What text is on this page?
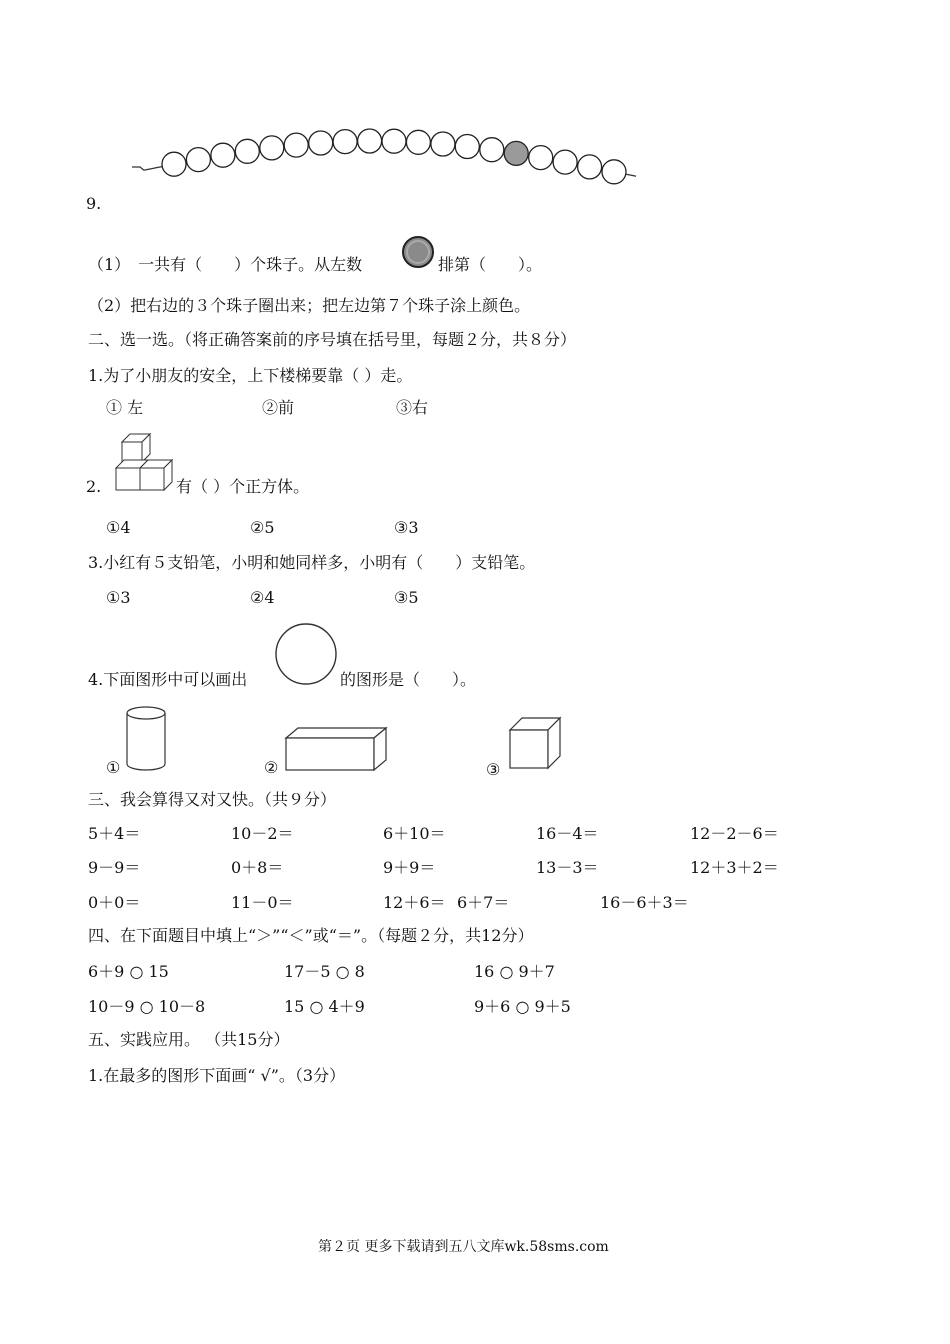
9.
（1）　一共有（　　）个珠子。从左数	排第（　　）。
（2）把右边的３个珠子圈出来；把左边第７个珠子涂上颜色。
二、选一选。（将正确答案前的序号填在括号里，每题２分，共８分）
1.为了小朋友的安全，上下楼梯要靠（ ）走。
① 左	②前	③右
2.	有（ ）个正方体。
①4	②5	③3
3.小红有５支铅笔，小明和她同样多，小明有（　　）支铅笔。
①3	②4	③5
4.下面图形中可以画出	的图形是（　　）。
①	②	③
三、我会算得又对又快。（共９分）
5＋4＝	10－2＝	6＋10＝	16－4＝	12－2－6＝
9－9＝	0＋8＝	9＋9＝	13－3＝	12＋3＋2＝
0＋0＝	11－0＝	12＋6＝ 6＋7＝	16－6＋3＝
四、在下面题目中填上“＞”“＜”或“＝”。（每题２分，共12分）
6＋9 ○ 15	17－5 ○ 8	16 ○ 9＋7
10－9 ○ 10－8	15 ○ 4＋9	9＋6 ○ 9＋5
五、实践应用。 （共15分）
1.在最多的图形下面画“ √”。（3分）
第２页 更多下载请到五八文库wk.58sms.com
